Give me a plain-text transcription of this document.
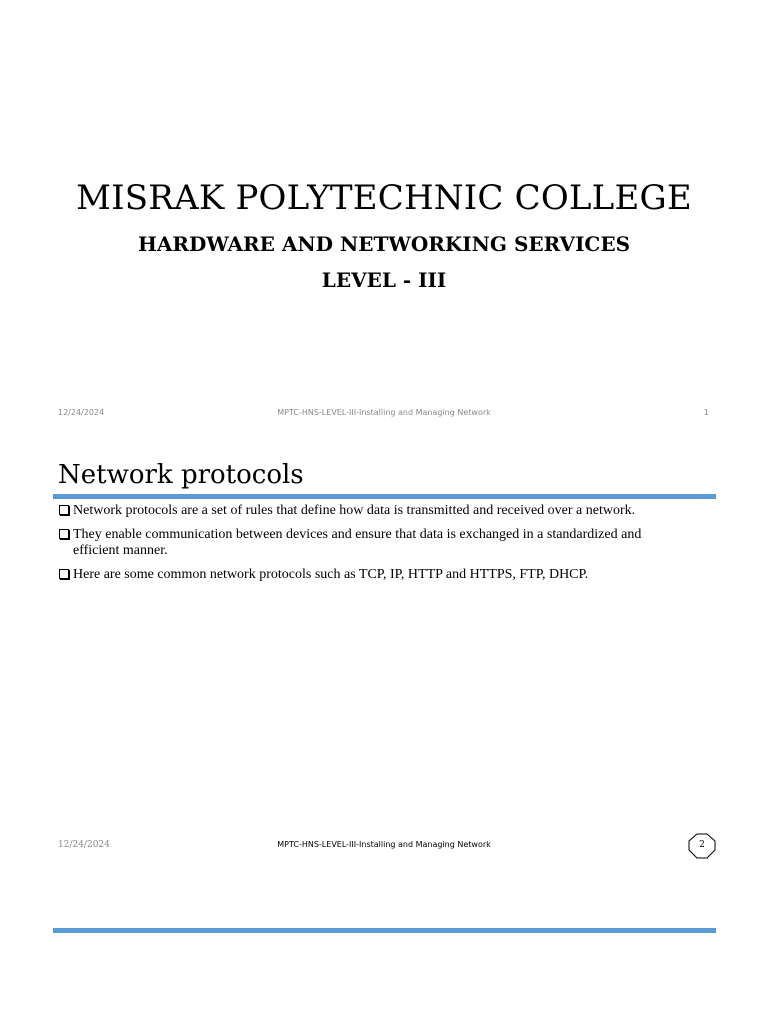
MISRAK POLYTECHNIC COLLEGE
HARDWARE AND NETWORKING SERVICES
LEVEL - III
12/24/2024	MPTC-HNS-LEVEL-III-Installing and Managing Network	1
Network protocols
Network protocols are a set of rules that define how data is transmitted and received over a network.
They enable communication between devices and ensure that data is exchanged in a standardized and efficient manner.
Here are some common network protocols such as TCP, IP, HTTP and HTTPS, FTP, DHCP.
12/24/2024	MPTC-HNS-LEVEL-III-Installing and Managing Network	2
